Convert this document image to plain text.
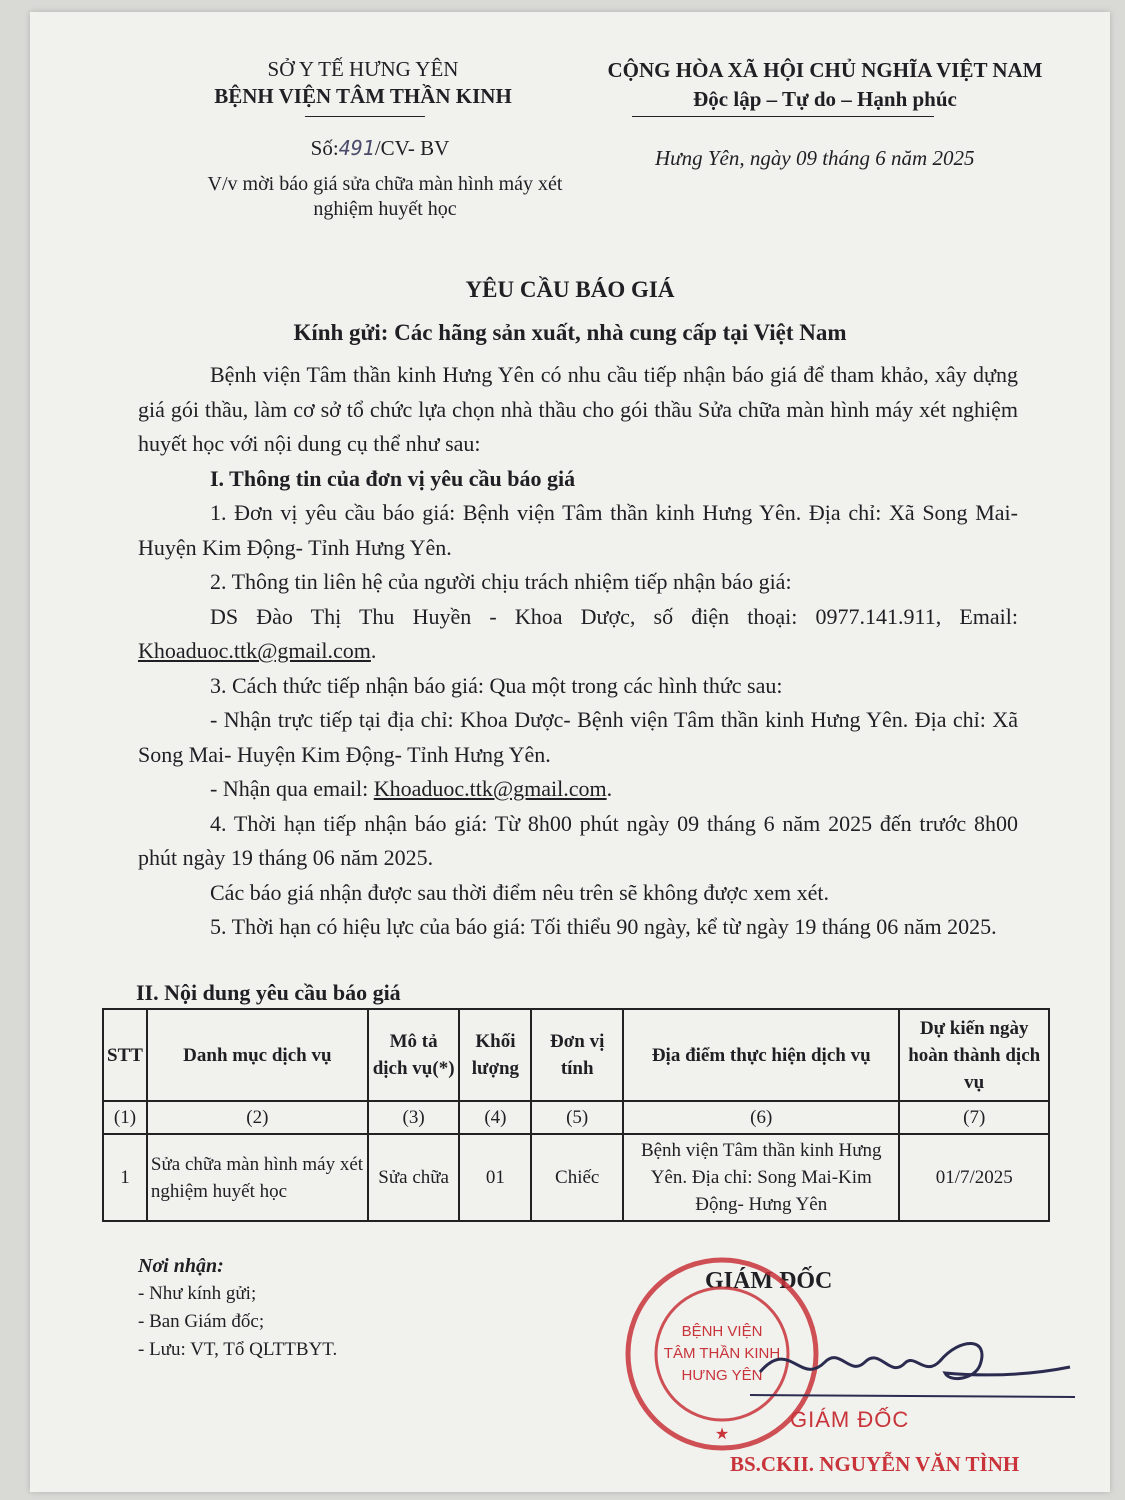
SỞ Y TẾ HƯNG YÊN
BỆNH VIỆN TÂM THẦN KINH
Số:491/CV- BV
V/v mời báo giá sửa chữa màn hình máy xét
nghiệm huyết học
CỘNG HÒA XÃ HỘI CHỦ NGHĨA VIỆT NAM
Độc lập – Tự do – Hạnh phúc
Hưng Yên, ngày 09 tháng 6 năm 2025
YÊU CẦU BÁO GIÁ
Kính gửi: Các hãng sản xuất, nhà cung cấp tại Việt Nam

Bệnh viện Tâm thần kinh Hưng Yên có nhu cầu tiếp nhận báo giá để tham khảo, xây dựng giá gói thầu, làm cơ sở tổ chức lựa chọn nhà thầu cho gói thầu Sửa chữa màn hình máy xét nghiệm huyết học với nội dung cụ thể như sau:

I. Thông tin của đơn vị yêu cầu báo giá

1. Đơn vị yêu cầu báo giá: Bệnh viện Tâm thần kinh Hưng Yên. Địa chỉ: Xã Song Mai- Huyện Kim Động- Tỉnh Hưng Yên.

2. Thông tin liên hệ của người chịu trách nhiệm tiếp nhận báo giá:

DS Đào Thị Thu Huyền - Khoa Dược, số điện thoại: 0977.141.911, Email: Khoaduoc.ttk@gmail.com.

3. Cách thức tiếp nhận báo giá: Qua một trong các hình thức sau:

- Nhận trực tiếp tại địa chỉ: Khoa Dược- Bệnh viện Tâm thần kinh Hưng Yên. Địa chỉ: Xã Song Mai- Huyện Kim Động- Tỉnh Hưng Yên.

- Nhận qua email: Khoaduoc.ttk@gmail.com.

4. Thời hạn tiếp nhận báo giá: Từ 8h00 phút ngày 09 tháng 6 năm 2025 đến trước 8h00 phút ngày 19 tháng 06 năm 2025.

Các báo giá nhận được sau thời điểm nêu trên sẽ không được xem xét.

5. Thời hạn có hiệu lực của báo giá: Tối thiểu 90 ngày, kể từ ngày 19 tháng 06 năm 2025.

II. Nội dung yêu cầu báo giá
STT	Danh mục dịch vụ	Mô tả dịch vụ(*)	Khối lượng	Đơn vị tính	Địa điểm thực hiện dịch vụ	Dự kiến ngày hoàn thành dịch vụ
(1)	(2)	(3)	(4)	(5)	(6)	(7)
1	Sửa chữa màn hình máy xét nghiệm huyết học	Sửa chữa	01	Chiếc	Bệnh viện Tâm thần kinh Hưng Yên. Địa chỉ: Song Mai-Kim Động- Hưng Yên	01/7/2025
Nơi nhận:
- Như kính gửi;
- Ban Giám đốc;
- Lưu: VT, Tổ QLTTBYT.
GIÁM ĐỐC
★
BỆNH VIỆN
TÂM THẦN KINH
HƯNG YÊN
GIÁM ĐỐC
BS.CKII. NGUYỄN VĂN TÌNH
